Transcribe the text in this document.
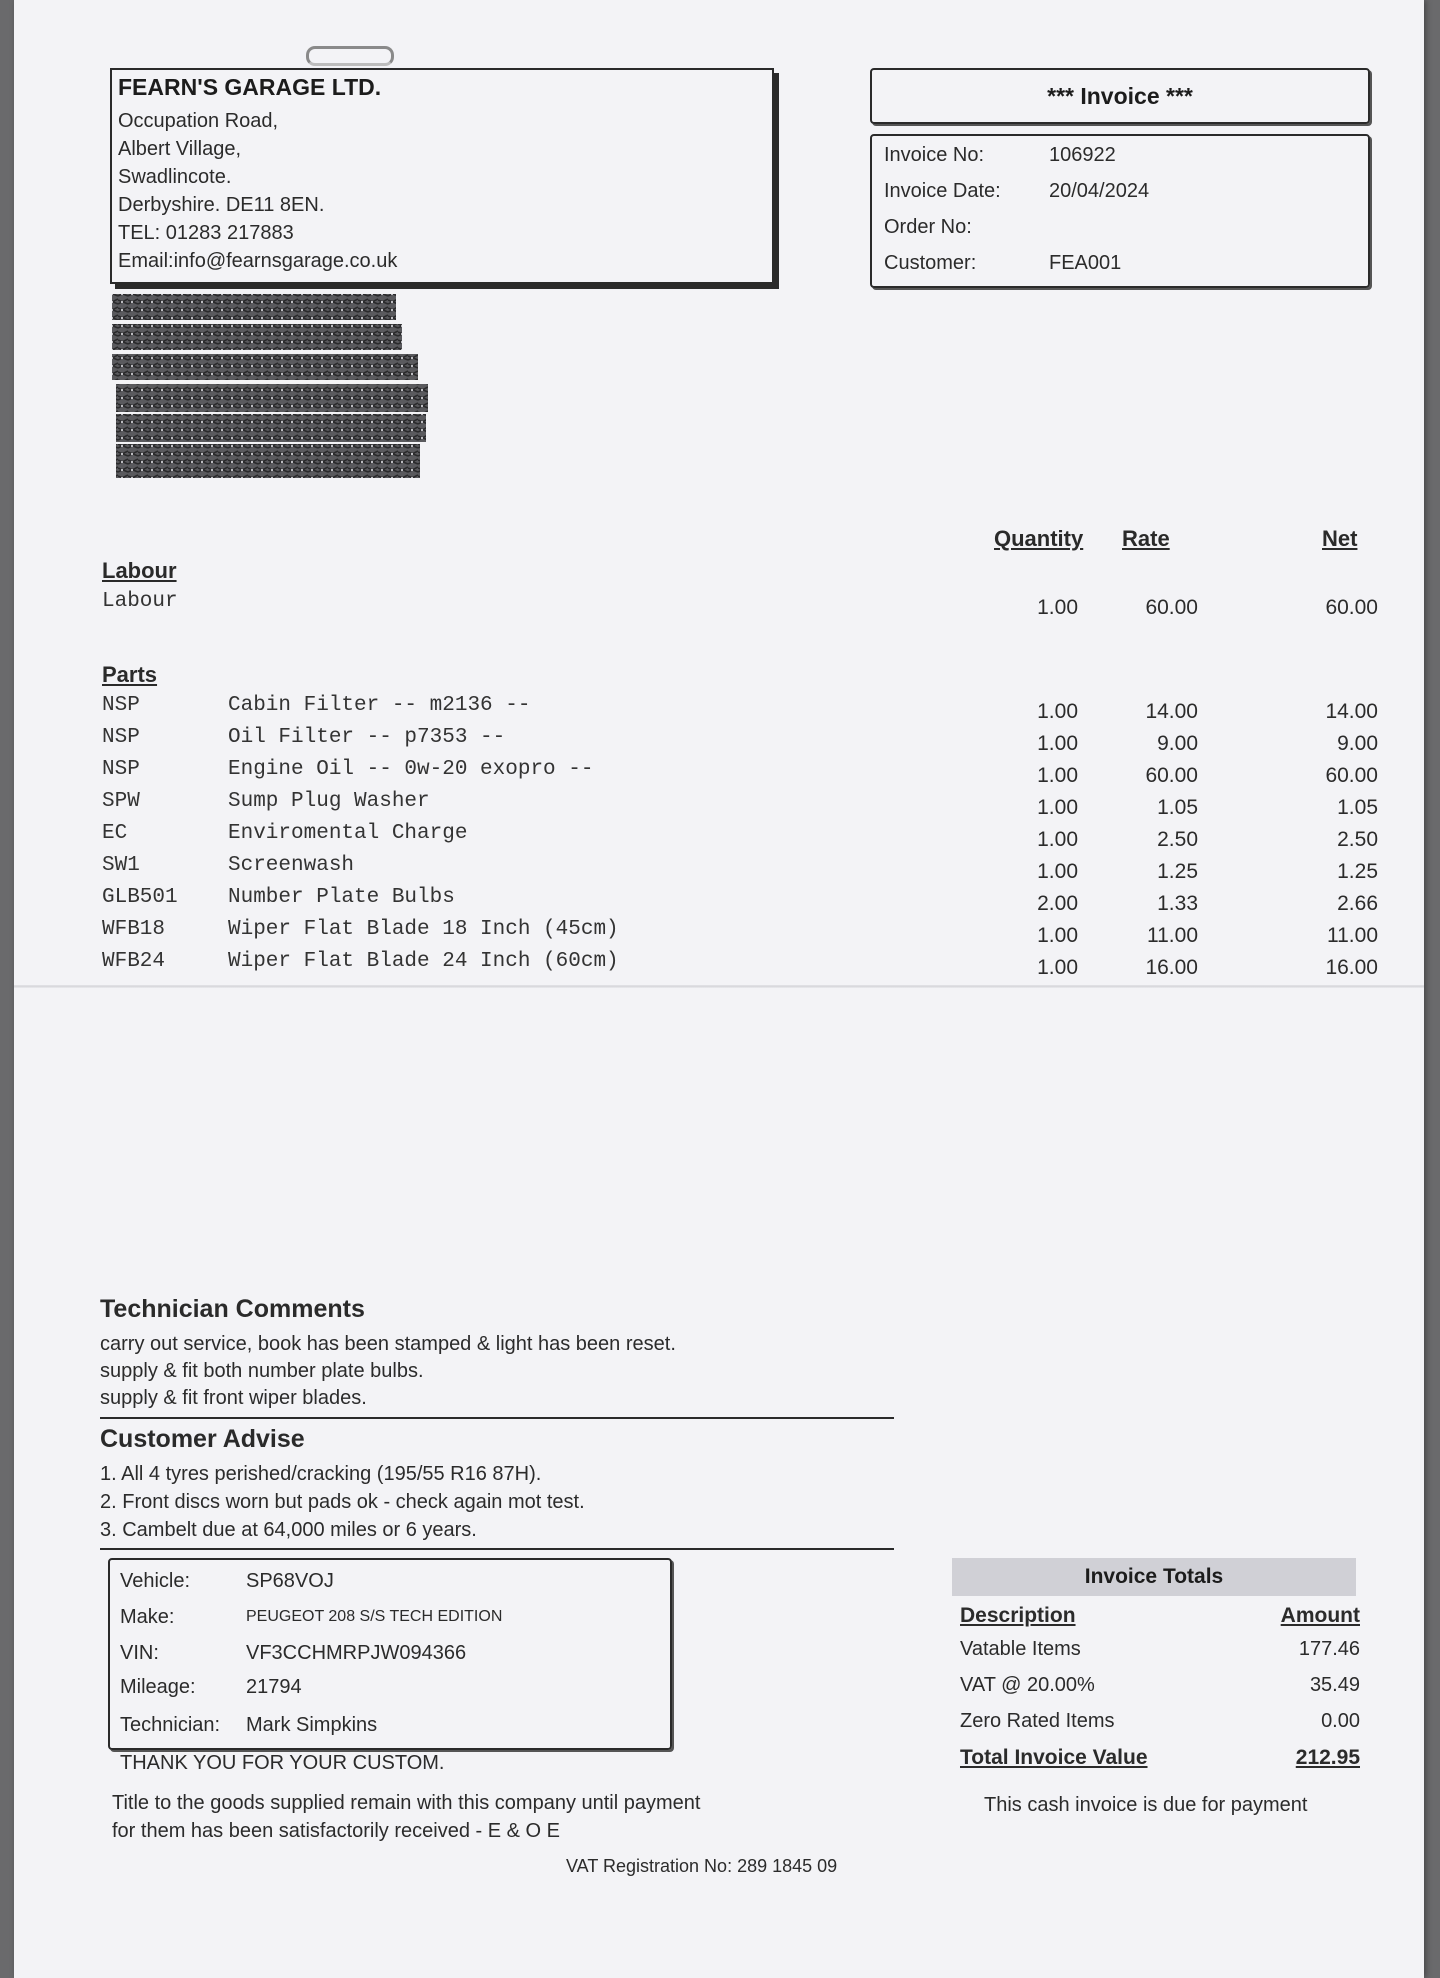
FEARN'S GARAGE LTD.
Occupation Road,
Albert Village,
Swadlincote.
Derbyshire. DE11 8EN.
TEL: 01283 217883
Email:info@fearnsgarage.co.uk
*** Invoice ***
Invoice No:	106922
Invoice Date: 20/04/2024
Order No:
Customer:	FEA001
Quantity Rate	Net
Labour
Labour	1.00	60.00	60.00
Parts
NSP	Cabin Filter -- m2136 --	1.00	14.00	14.00
NSP	Oil Filter -- p7353 --	1.00	9.00	9.00
NSP	Engine Oil -- 0w-20 exopro --	1.00	60.00	60.00
SPW	Sump Plug Washer	1.00	1.05	1.05
EC	Enviromental Charge	1.00	2.50	2.50
SW1	Screenwash	1.00	1.25	1.25
GLB501 Number Plate Bulbs	2.00	1.33	2.66
WFB18	Wiper Flat Blade 18 Inch (45cm)	1.00	11.00	11.00
WFB24	Wiper Flat Blade 24 Inch (60cm)	1.00	16.00	16.00
Technician Comments
carry out service, book has been stamped & light has been reset.
supply & fit both number plate bulbs.
supply & fit front wiper blades.
Customer Advise
1. All 4 tyres perished/cracking (195/55 R16 87H).
2. Front discs worn but pads ok - check again mot test.
3. Cambelt due at 64,000 miles or 6 years.
Vehicle:	SP68VOJ
Make:	PEUGEOT 208 S/S TECH EDITION
VIN:	VF3CCHMRPJW094366
Mileage:	21794
Technician: Mark Simpkins
THANK YOU FOR YOUR CUSTOM.
Title to the goods supplied remain with this company until payment
for them has been satisfactorily received - E & O E
VAT Registration No: 289 1845 09
Invoice Totals
Description	Amount
Vatable Items	177.46
VAT @ 20.00%	35.49
Zero Rated Items	0.00
Total Invoice Value	212.95
This cash invoice is due for payment
